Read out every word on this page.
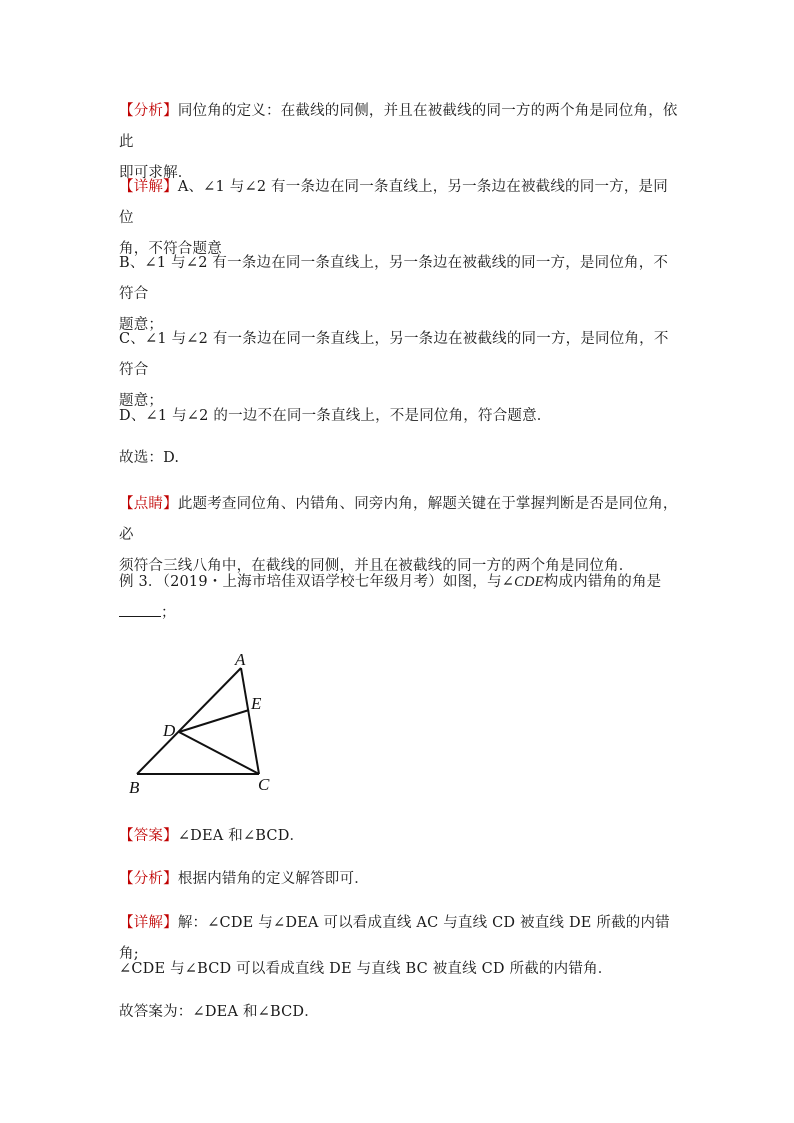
【分析】同位角的定义：在截线的同侧，并且在被截线的同一方的两个角是同位角，依此
即可求解．
【详解】A、∠1 与∠2 有一条边在同一条直线上，另一条边在被截线的同一方，是同位
角，不符合题意
B、∠1 与∠2 有一条边在同一条直线上，另一条边在被截线的同一方，是同位角，不符合
题意；
C、∠1 与∠2 有一条边在同一条直线上，另一条边在被截线的同一方，是同位角，不符合
题意；
D、∠1 与∠2 的一边不在同一条直线上，不是同位角，符合题意．
故选：D.
【点睛】此题考查同位角、内错角、同旁内角，解题关键在于掌握判断是否是同位角，必
须符合三线八角中，在截线的同侧，并且在被截线的同一方的两个角是同位角．
例 3．（2019・上海市培佳双语学校七年级月考）如图，与∠CDE构成内错角的角是
；
A
E
D
B	C
【答案】∠DEA 和∠BCD．
【分析】根据内错角的定义解答即可．
【详解】解：∠CDE 与∠DEA 可以看成直线 AC 与直线 CD 被直线 DE 所截的内错角;
∠CDE 与∠BCD 可以看成直线 DE 与直线 BC 被直线 CD 所截的内错角．
故答案为：∠DEA 和∠BCD．
